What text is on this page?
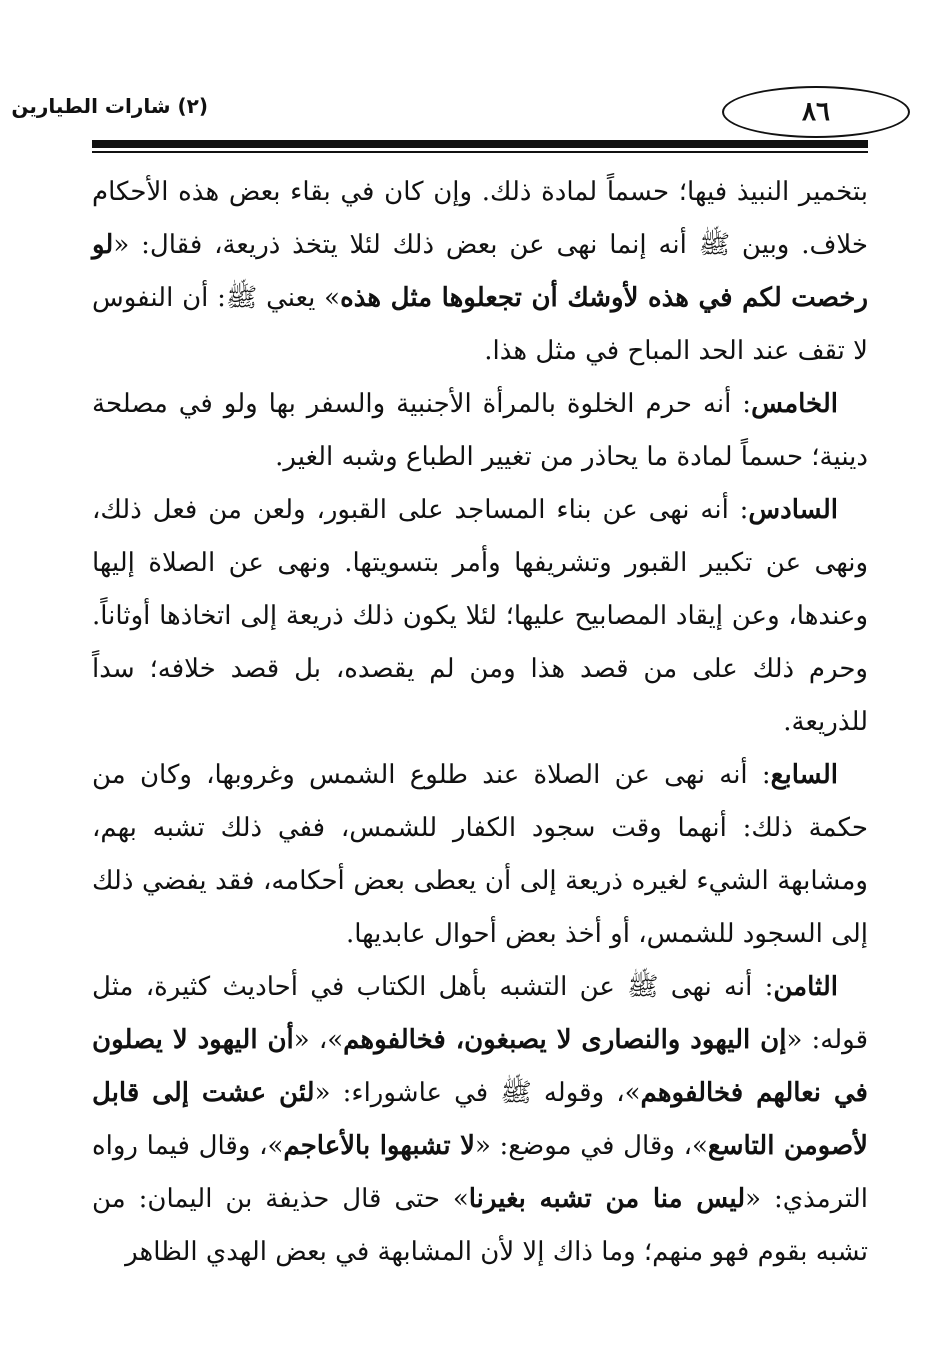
٨٦
(٢) شارات الطيارين

بتخمير النبيذ فيها؛ حسماً لمادة ذلك. وإن كان في بقاء بعض هذه الأحكام خلاف. وبين ﷺ أنه إنما نهى عن بعض ذلك لئلا يتخذ ذريعة، فقال: «لو رخصت لكم في هذه لأوشك أن تجعلوها مثل هذه» يعني ﷺ: أن النفوس لا تقف عند الحد المباح في مثل هذا.

الخامس: أنه حرم الخلوة بالمرأة الأجنبية والسفر بها ولو في مصلحة دينية؛ حسماً لمادة ما يحاذر من تغيير الطباع وشبه الغير.

السادس: أنه نهى عن بناء المساجد على القبور، ولعن من فعل ذلك، ونهى عن تكبير القبور وتشريفها وأمر بتسويتها. ونهى عن الصلاة إليها وعندها، وعن إيقاد المصابيح عليها؛ لئلا يكون ذلك ذريعة إلى اتخاذها أوثاناً. وحرم ذلك على من قصد هذا ومن لم يقصده، بل قصد خلافه؛ سداً للذريعة.

السابع: أنه نهى عن الصلاة عند طلوع الشمس وغروبها، وكان من حكمة ذلك: أنهما وقت سجود الكفار للشمس، ففي ذلك تشبه بهم، ومشابهة الشيء لغيره ذريعة إلى أن يعطى بعض أحكامه، فقد يفضي ذلك إلى السجود للشمس، أو أخذ بعض أحوال عابديها.

الثامن: أنه نهى ﷺ عن التشبه بأهل الكتاب في أحاديث كثيرة، مثل قوله: «إن اليهود والنصارى لا يصبغون، فخالفوهم»، «أن اليهود لا يصلون في نعالهم فخالفوهم»، وقوله ﷺ في عاشوراء: «لئن عشت إلى قابل لأصومن التاسع»، وقال في موضع: «لا تشبهوا بالأعاجم»، وقال فيما رواه الترمذي: «ليس منا من تشبه بغيرنا» حتى قال حذيفة بن اليمان: من تشبه بقوم فهو منهم؛ وما ذاك إلا لأن المشابهة في بعض الهدي الظاهر
